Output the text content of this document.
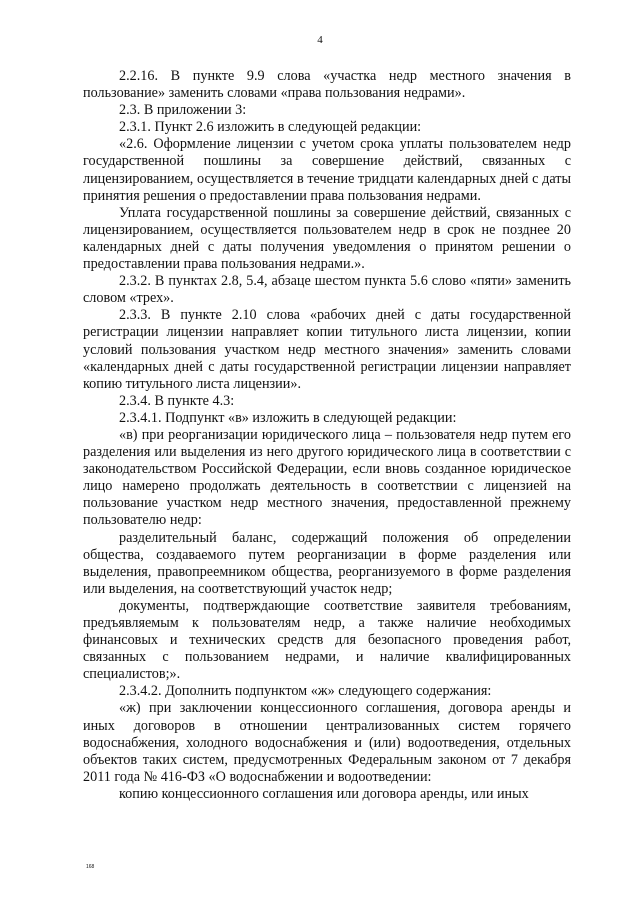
4

2.2.16. В пункте 9.9 слова «участка недр местного значения в пользование» заменить словами «права пользования недрами».

2.3. В приложении 3:

2.3.1. Пункт 2.6 изложить в следующей редакции:

«2.6. Оформление лицензии с учетом срока уплаты пользователем недр государственной пошлины за совершение действий, связанных с лицензированием, осуществляется в течение тридцати календарных дней с даты принятия решения о предоставлении права пользования недрами.

Уплата государственной пошлины за совершение действий, связанных с лицензированием, осуществляется пользователем недр в срок не позднее 20 календарных дней с даты получения уведомления о принятом решении о предоставлении права пользования недрами.».

2.3.2. В пунктах 2.8, 5.4, абзаце шестом пункта 5.6 слово «пяти» заменить словом «трех».

2.3.3. В пункте 2.10 слова «рабочих дней с даты государственной регистрации лицензии направляет копии титульного листа лицензии, копии условий пользования участком недр местного значения» заменить словами «календарных дней с даты государственной регистрации лицензии направляет копию титульного листа лицензии».

2.3.4. В пункте 4.3:

2.3.4.1. Подпункт «в» изложить в следующей редакции:

«в) при реорганизации юридического лица – пользователя недр путем его разделения или выделения из него другого юридического лица в соответствии с законодательством Российской Федерации, если вновь созданное юридическое лицо намерено продолжать деятельность в соответствии с лицензией на пользование участком недр местного значения, предоставленной прежнему пользователю недр:

разделительный баланс, содержащий положения об определении общества, создаваемого путем реорганизации в форме разделения или выделения, правопреемником общества, реорганизуемого в форме разделения или выделения, на соответствующий участок недр;

документы, подтверждающие соответствие заявителя требованиям, предъявляемым к пользователям недр, а также наличие необходимых финансовых и технических средств для безопасного проведения работ, связанных с пользованием недрами, и наличие квалифицированных специалистов;».

2.3.4.2. Дополнить подпунктом «ж» следующего содержания:

«ж) при заключении концессионного соглашения, договора аренды и иных договоров в отношении централизованных систем горячего водоснабжения, холодного водоснабжения и (или) водоотведения, отдельных объектов таких систем, предусмотренных Федеральным законом от 7 декабря 2011 года № 416-ФЗ «О водоснабжении и водоотведении:

копию концессионного соглашения или договора аренды, или иных

168
